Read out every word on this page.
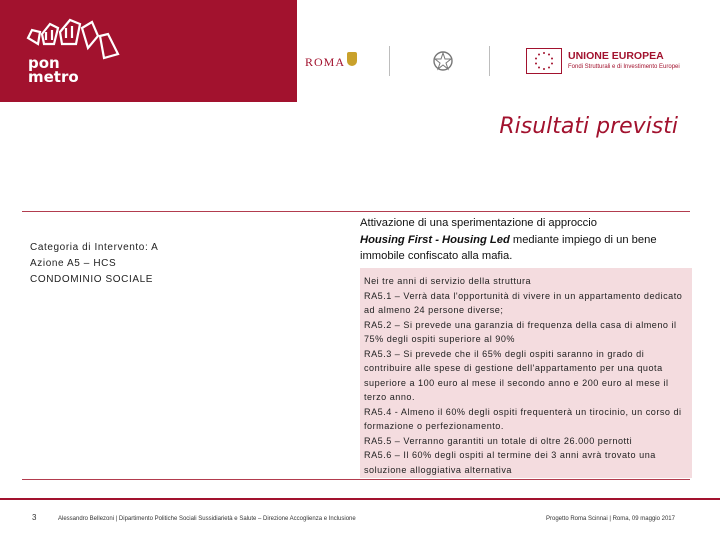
pon
metro
ROMA	UNIONE EUROPEA
Fondi Strutturali e di Investimento Europei
Risultati previsti
Categoria di Intervento: A
Azione A5 – HCS
CONDOMINIO SOCIALE
Attivazione di una sperimentazione di approccio
Housing First - Housing Led mediante impiego di un bene immobile confiscato alla mafia.
Nei tre anni di servizio della struttura
RA5.1 – Verrà data l'opportunità di vivere in un appartamento dedicato ad almeno 24 persone diverse;
RA5.2 – Si prevede una garanzia di frequenza della casa di almeno il 75% degli ospiti superiore al 90%
RA5.3 – Si prevede che il 65% degli ospiti saranno in grado di contribuire alle spese di gestione dell'appartamento per una quota superiore a 100 euro al mese il secondo anno e 200 euro al mese il terzo anno.
RA5.4 - Almeno il 60% degli ospiti frequenterà un tirocinio, un corso di formazione o perfezionamento.
RA5.5 – Verranno garantiti un totale di oltre 26.000 pernotti
RA5.6 – Il 60% degli ospiti al termine dei 3 anni avrà trovato una soluzione alloggiativa alternativa
3	Alessandro Bellezoni | Dipartimento Politiche Sociali Sussidiarietà e Salute – Direzione Accoglienza e Inclusione	Progetto Roma Scinnai | Roma, 09 maggio 2017
